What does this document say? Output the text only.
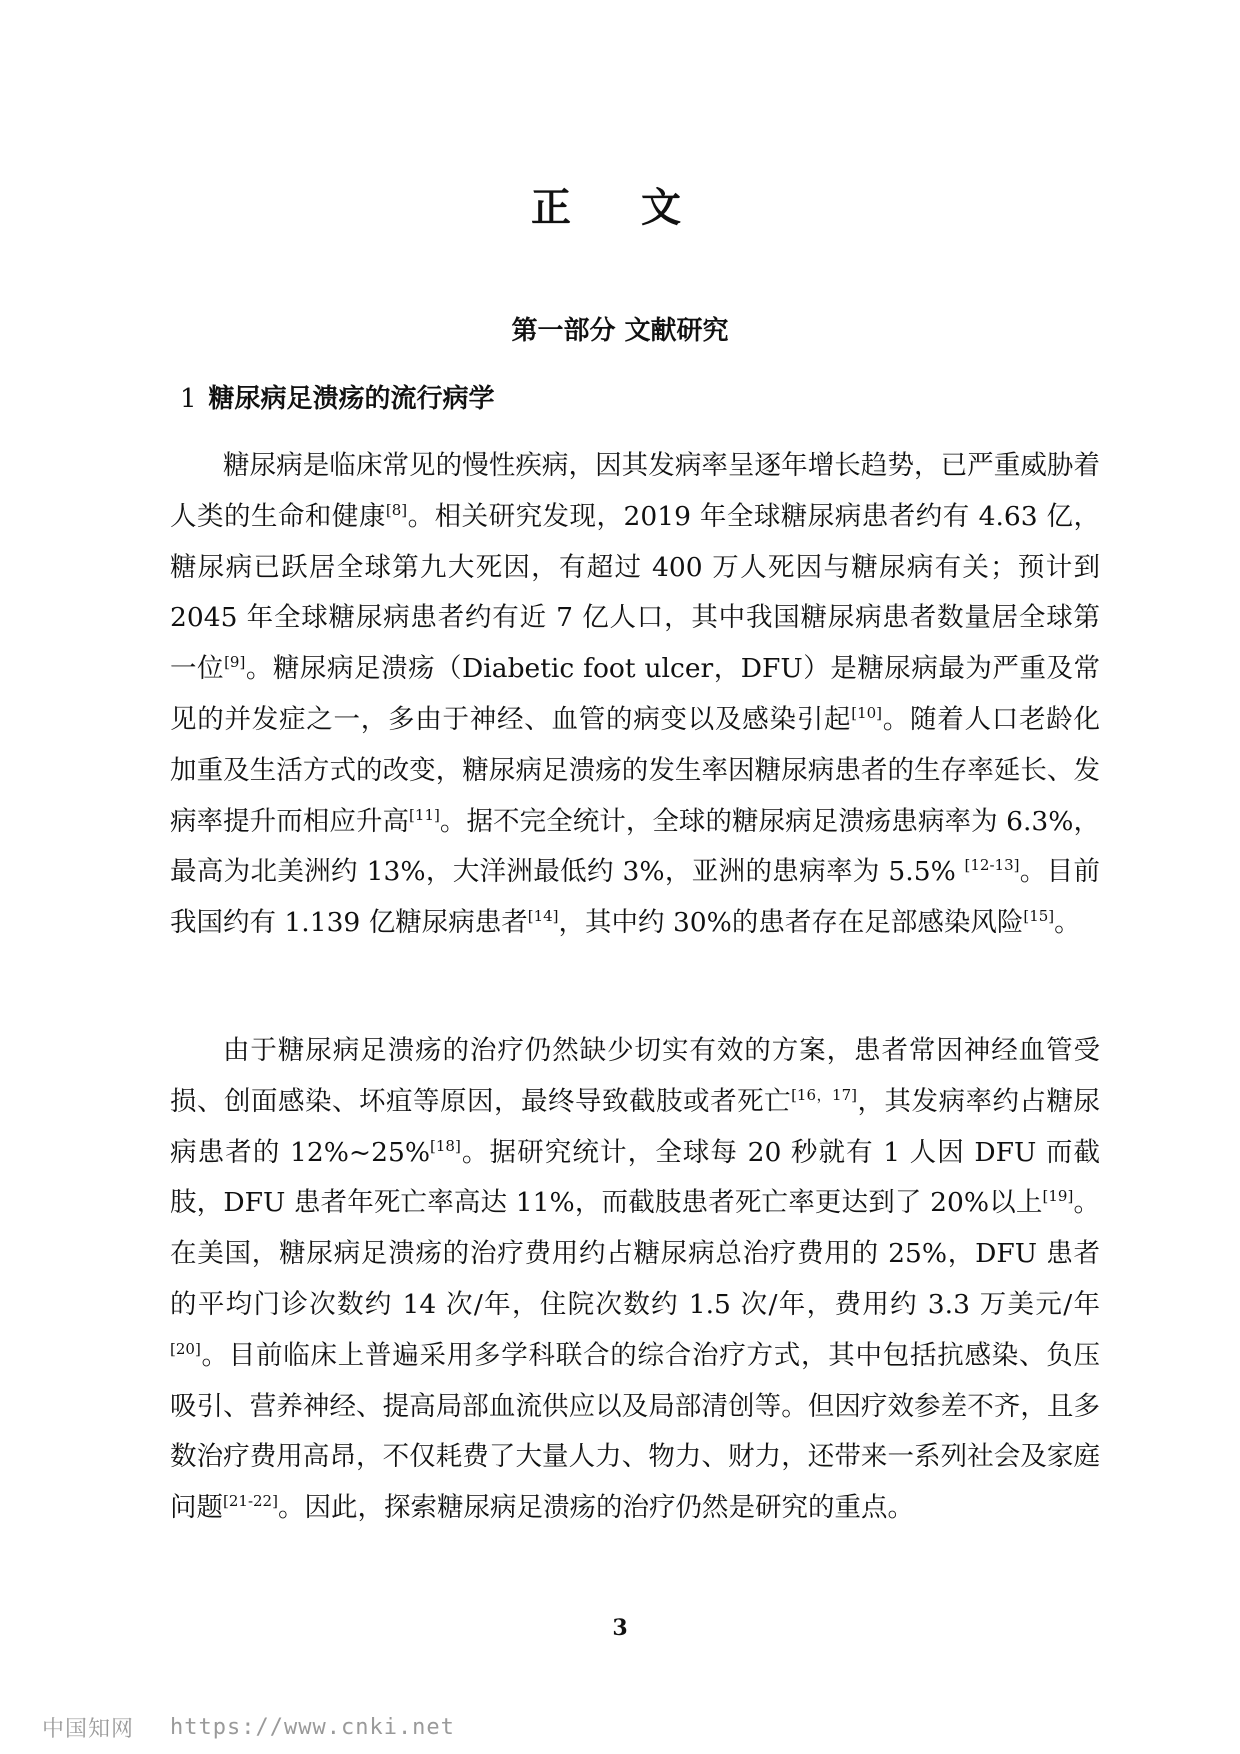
正 文
第一部分 文献研究
1 糖尿病足溃疡的流行病学

糖尿病是临床常见的慢性疾病，因其发病率呈逐年增长趋势，已严重威胁着人类的生命和健康[8]。相关研究发现，2019 年全球糖尿病患者约有 4.63 亿，糖尿病已跃居全球第九大死因，有超过 400 万人死因与糖尿病有关；预计到 2045 年全球糖尿病患者约有近 7 亿人口，其中我国糖尿病患者数量居全球第一位[9]。糖尿病足溃疡（Diabetic foot ulcer，DFU）是糖尿病最为严重及常见的并发症之一，多由于神经、血管的病变以及感染引起[10]。随着人口老龄化加重及生活方式的改变，糖尿病足溃疡的发生率因糖尿病患者的生存率延长、发病率提升而相应升高[11]。据不完全统计，全球的糖尿病足溃疡患病率为 6.3%，最高为北美洲约 13%，大洋洲最低约 3%，亚洲的患病率为 5.5% [12-13]。目前我国约有 1.139 亿糖尿病患者[14]，其中约 30%的患者存在足部感染风险[15]。

由于糖尿病足溃疡的治疗仍然缺少切实有效的方案，患者常因神经血管受损、创面感染、坏疽等原因，最终导致截肢或者死亡[16，17]，其发病率约占糖尿病患者的 12%~25%[18]。据研究统计，全球每 20 秒就有 1 人因 DFU 而截肢，DFU 患者年死亡率高达 11%，而截肢患者死亡率更达到了 20%以上[19]。在美国，糖尿病足溃疡的治疗费用约占糖尿病总治疗费用的 25%，DFU 患者的平均门诊次数约 14 次/年，住院次数约 1.5 次/年，费用约 3.3 万美元/年[20]。目前临床上普遍采用多学科联合的综合治疗方式，其中包括抗感染、负压吸引、营养神经、提高局部血流供应以及局部清创等。但因疗效参差不齐，且多数治疗费用高昂，不仅耗费了大量人力、物力、财力，还带来一系列社会及家庭问题[21-22]。因此，探索糖尿病足溃疡的治疗仍然是研究的重点。

3
中国知网 https://www.cnki.net
